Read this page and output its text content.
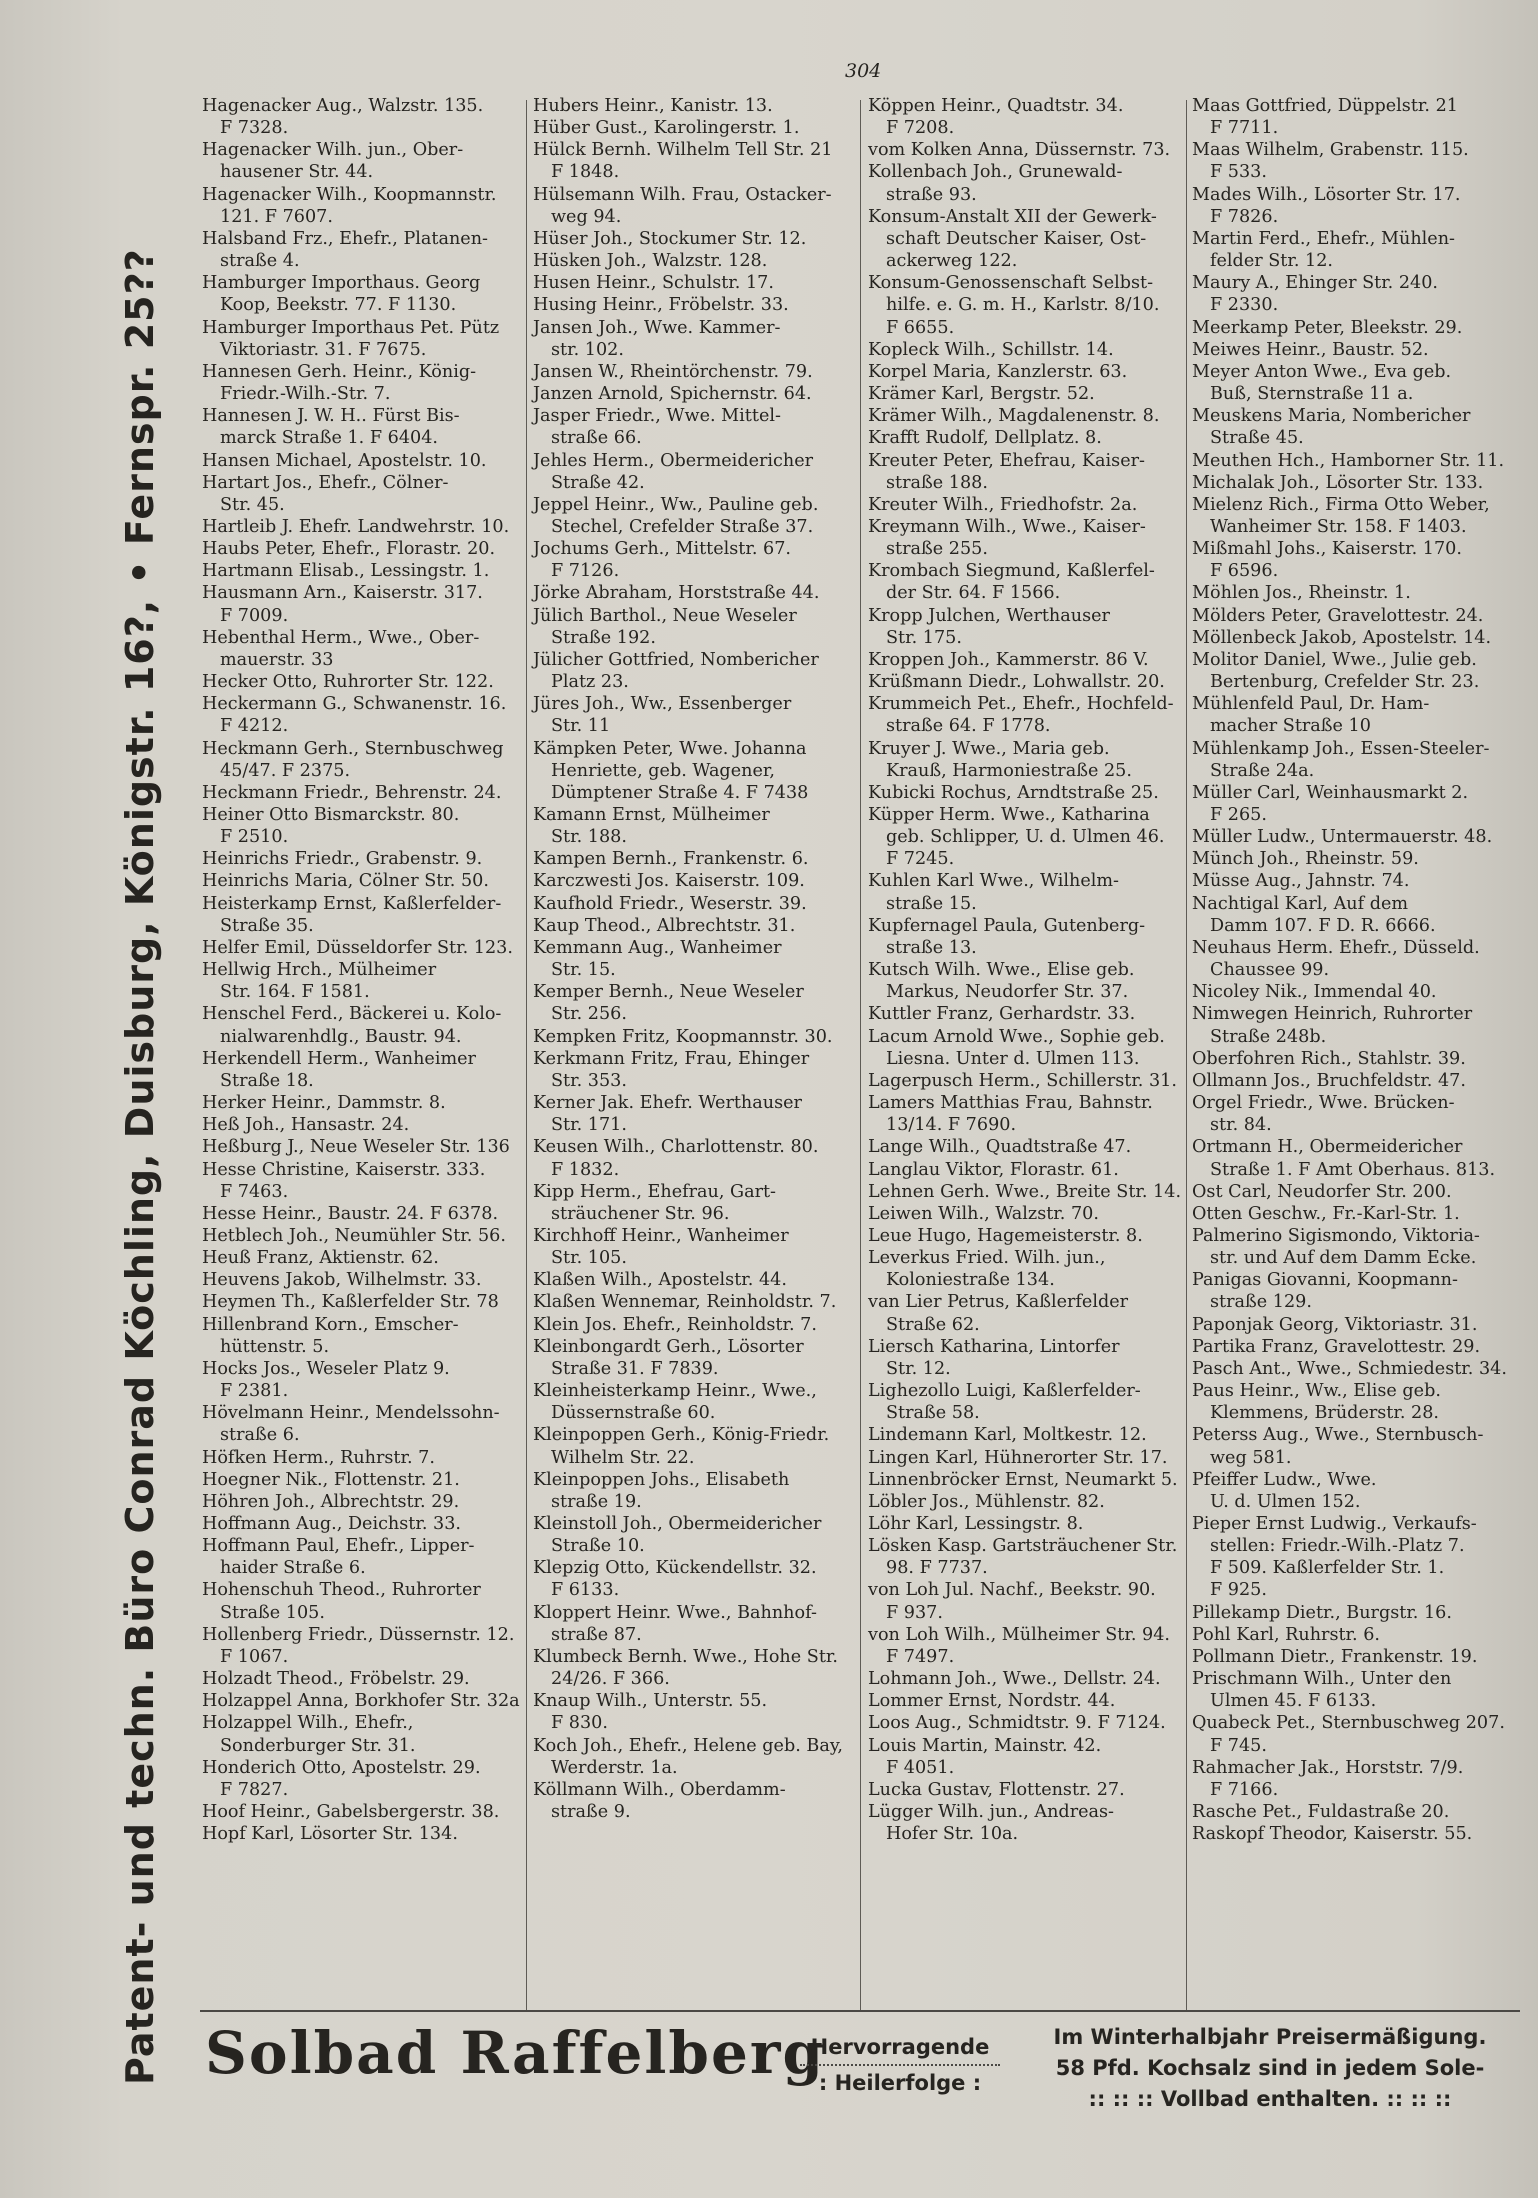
304
Patent- und techn. Büro Conrad Köchling, Duisburg, Königstr. 16?, • Fernspr. 25??

Hagenacker Aug., Walzstr. 135.

F 7328.

Hagenacker Wilh. jun., Ober-

hausener Str. 44.

Hagenacker Wilh., Koopmannstr.

121. F 7607.

Halsband Frz., Ehefr., Platanen-

straße 4.

Hamburger Importhaus. Georg

Koop, Beekstr. 77. F 1130.

Hamburger Importhaus Pet. Pütz

Viktoriastr. 31. F 7675.

Hannesen Gerh. Heinr., König-

Friedr.-Wilh.-Str. 7.

Hannesen J. W. H.. Fürst Bis-

marck Straße 1. F 6404.

Hansen Michael, Apostelstr. 10.

Hartart Jos., Ehefr., Cölner-

Str. 45.

Hartleib J. Ehefr. Landwehrstr. 10.

Haubs Peter, Ehefr., Florastr. 20.

Hartmann Elisab., Lessingstr. 1.

Hausmann Arn., Kaiserstr. 317.

F 7009.

Hebenthal Herm., Wwe., Ober-

mauerstr. 33

Hecker Otto, Ruhrorter Str. 122.

Heckermann G., Schwanenstr. 16.

F 4212.

Heckmann Gerh., Sternbuschweg

45/47. F 2375.

Heckmann Friedr., Behrenstr. 24.

Heiner Otto Bismarckstr. 80.

F 2510.

Heinrichs Friedr., Grabenstr. 9.

Heinrichs Maria, Cölner Str. 50.

Heisterkamp Ernst, Kaßlerfelder-

Straße 35.

Helfer Emil, Düsseldorfer Str. 123.

Hellwig Hrch., Mülheimer

Str. 164. F 1581.

Henschel Ferd., Bäckerei u. Kolo-

nialwarenhdlg., Baustr. 94.

Herkendell Herm., Wanheimer

Straße 18.

Herker Heinr., Dammstr. 8.

Heß Joh., Hansastr. 24.

Heßburg J., Neue Weseler Str. 136

Hesse Christine, Kaiserstr. 333.

F 7463.

Hesse Heinr., Baustr. 24. F 6378.

Hetblech Joh., Neumühler Str. 56.

Heuß Franz, Aktienstr. 62.

Heuvens Jakob, Wilhelmstr. 33.

Heymen Th., Kaßlerfelder Str. 78

Hillenbrand Korn., Emscher-

hüttenstr. 5.

Hocks Jos., Weseler Platz 9.

F 2381.

Hövelmann Heinr., Mendelssohn-

straße 6.

Höfken Herm., Ruhrstr. 7.

Hoegner Nik., Flottenstr. 21.

Höhren Joh., Albrechtstr. 29.

Hoffmann Aug., Deichstr. 33.

Hoffmann Paul, Ehefr., Lipper-

haider Straße 6.

Hohenschuh Theod., Ruhrorter

Straße 105.

Hollenberg Friedr., Düssernstr. 12.

F 1067.

Holzadt Theod., Fröbelstr. 29.

Holzappel Anna, Borkhofer Str. 32a

Holzappel Wilh., Ehefr.,

Sonderburger Str. 31.

Honderich Otto, Apostelstr. 29.

F 7827.

Hoof Heinr., Gabelsbergerstr. 38.

Hopf Karl, Lösorter Str. 134.

Hubers Heinr., Kanistr. 13.

Hüber Gust., Karolingerstr. 1.

Hülck Bernh. Wilhelm Tell Str. 21

F 1848.

Hülsemann Wilh. Frau, Ostacker-

weg 94.

Hüser Joh., Stockumer Str. 12.

Hüsken Joh., Walzstr. 128.

Husen Heinr., Schulstr. 17.

Husing Heinr., Fröbelstr. 33.

Jansen Joh., Wwe. Kammer-

str. 102.

Jansen W., Rheintörchenstr. 79.

Janzen Arnold, Spichernstr. 64.

Jasper Friedr., Wwe. Mittel-

straße 66.

Jehles Herm., Obermeidericher

Straße 42.

Jeppel Heinr., Ww., Pauline geb.

Stechel, Crefelder Straße 37.

Jochums Gerh., Mittelstr. 67.

F 7126.

Jörke Abraham, Horststraße 44.

Jülich Barthol., Neue Weseler

Straße 192.

Jülicher Gottfried, Nombericher

Platz 23.

Jüres Joh., Ww., Essenberger

Str. 11

Kämpken Peter, Wwe. Johanna

Henriette, geb. Wagener,

Dümptener Straße 4. F 7438

Kamann Ernst, Mülheimer

Str. 188.

Kampen Bernh., Frankenstr. 6.

Karczwesti Jos. Kaiserstr. 109.

Kaufhold Friedr., Weserstr. 39.

Kaup Theod., Albrechtstr. 31.

Kemmann Aug., Wanheimer

Str. 15.

Kemper Bernh., Neue Weseler

Str. 256.

Kempken Fritz, Koopmannstr. 30.

Kerkmann Fritz, Frau, Ehinger

Str. 353.

Kerner Jak. Ehefr. Werthauser

Str. 171.

Keusen Wilh., Charlottenstr. 80.

F 1832.

Kipp Herm., Ehefrau, Gart-

sträuchener Str. 96.

Kirchhoff Heinr., Wanheimer

Str. 105.

Klaßen Wilh., Apostelstr. 44.

Klaßen Wennemar, Reinholdstr. 7.

Klein Jos. Ehefr., Reinholdstr. 7.

Kleinbongardt Gerh., Lösorter

Straße 31. F 7839.

Kleinheisterkamp Heinr., Wwe.,

Düssernstraße 60.

Kleinpoppen Gerh., König-Friedr.

Wilhelm Str. 22.

Kleinpoppen Johs., Elisabeth

straße 19.

Kleinstoll Joh., Obermeidericher

Straße 10.

Klepzig Otto, Kückendellstr. 32.

F 6133.

Kloppert Heinr. Wwe., Bahnhof-

straße 87.

Klumbeck Bernh. Wwe., Hohe Str.

24/26. F 366.

Knaup Wilh., Unterstr. 55.

F 830.

Koch Joh., Ehefr., Helene geb. Bay,

Werderstr. 1a.

Köllmann Wilh., Oberdamm-

straße 9.

Köppen Heinr., Quadtstr. 34.

F 7208.

vom Kolken Anna, Düssernstr. 73.

Kollenbach Joh., Grunewald-

straße 93.

Konsum-Anstalt XII der Gewerk-

schaft Deutscher Kaiser, Ost-

ackerweg 122.

Konsum-Genossenschaft Selbst-

hilfe. e. G. m. H., Karlstr. 8/10.

F 6655.

Kopleck Wilh., Schillstr. 14.

Korpel Maria, Kanzlerstr. 63.

Krämer Karl, Bergstr. 52.

Krämer Wilh., Magdalenenstr. 8.

Krafft Rudolf, Dellplatz. 8.

Kreuter Peter, Ehefrau, Kaiser-

straße 188.

Kreuter Wilh., Friedhofstr. 2a.

Kreymann Wilh., Wwe., Kaiser-

straße 255.

Krombach Siegmund, Kaßlerfel-

der Str. 64. F 1566.

Kropp Julchen, Werthauser

Str. 175.

Kroppen Joh., Kammerstr. 86 V.

Krüßmann Diedr., Lohwallstr. 20.

Krummeich Pet., Ehefr., Hochfeld-

straße 64. F 1778.

Kruyer J. Wwe., Maria geb.

Krauß, Harmoniestraße 25.

Kubicki Rochus, Arndtstraße 25.

Küpper Herm. Wwe., Katharina

geb. Schlipper, U. d. Ulmen 46.

F 7245.

Kuhlen Karl Wwe., Wilhelm-

straße 15.

Kupfernagel Paula, Gutenberg-

straße 13.

Kutsch Wilh. Wwe., Elise geb.

Markus, Neudorfer Str. 37.

Kuttler Franz, Gerhardstr. 33.

Lacum Arnold Wwe., Sophie geb.

Liesna. Unter d. Ulmen 113.

Lagerpusch Herm., Schillerstr. 31.

Lamers Matthias Frau, Bahnstr.

13/14. F 7690.

Lange Wilh., Quadtstraße 47.

Langlau Viktor, Florastr. 61.

Lehnen Gerh. Wwe., Breite Str. 14.

Leiwen Wilh., Walzstr. 70.

Leue Hugo, Hagemeisterstr. 8.

Leverkus Fried. Wilh. jun.,

Koloniestraße 134.

van Lier Petrus, Kaßlerfelder

Straße 62.

Liersch Katharina, Lintorfer

Str. 12.

Lighezollo Luigi, Kaßlerfelder-

Straße 58.

Lindemann Karl, Moltkestr. 12.

Lingen Karl, Hühnerorter Str. 17.

Linnenbröcker Ernst, Neumarkt 5.

Löbler Jos., Mühlenstr. 82.

Löhr Karl, Lessingstr. 8.

Lösken Kasp. Gartsträuchener Str.

98. F 7737.

von Loh Jul. Nachf., Beekstr. 90.

F 937.

von Loh Wilh., Mülheimer Str. 94.

F 7497.

Lohmann Joh., Wwe., Dellstr. 24.

Lommer Ernst, Nordstr. 44.

Loos Aug., Schmidtstr. 9. F 7124.

Louis Martin, Mainstr. 42.

F 4051.

Lucka Gustav, Flottenstr. 27.

Lügger Wilh. jun., Andreas-

Hofer Str. 10a.

Maas Gottfried, Düppelstr. 21

F 7711.

Maas Wilhelm, Grabenstr. 115.

F 533.

Mades Wilh., Lösorter Str. 17.

F 7826.

Martin Ferd., Ehefr., Mühlen-

felder Str. 12.

Maury A., Ehinger Str. 240.

F 2330.

Meerkamp Peter, Bleekstr. 29.

Meiwes Heinr., Baustr. 52.

Meyer Anton Wwe., Eva geb.

Buß, Sternstraße 11 a.

Meuskens Maria, Nombericher

Straße 45.

Meuthen Hch., Hamborner Str. 11.

Michalak Joh., Lösorter Str. 133.

Mielenz Rich., Firma Otto Weber,

Wanheimer Str. 158. F 1403.

Mißmahl Johs., Kaiserstr. 170.

F 6596.

Möhlen Jos., Rheinstr. 1.

Mölders Peter, Gravelottestr. 24.

Möllenbeck Jakob, Apostelstr. 14.

Molitor Daniel, Wwe., Julie geb.

Bertenburg, Crefelder Str. 23.

Mühlenfeld Paul, Dr. Ham-

macher Straße 10

Mühlenkamp Joh., Essen-Steeler-

Straße 24a.

Müller Carl, Weinhausmarkt 2.

F 265.

Müller Ludw., Untermauerstr. 48.

Münch Joh., Rheinstr. 59.

Müsse Aug., Jahnstr. 74.

Nachtigal Karl, Auf dem

Damm 107. F D. R. 6666.

Neuhaus Herm. Ehefr., Düsseld.

Chaussee 99.

Nicoley Nik., Immendal 40.

Nimwegen Heinrich, Ruhrorter

Straße 248b.

Oberfohren Rich., Stahlstr. 39.

Ollmann Jos., Bruchfeldstr. 47.

Orgel Friedr., Wwe. Brücken-

str. 84.

Ortmann H., Obermeidericher

Straße 1. F Amt Oberhaus. 813.

Ost Carl, Neudorfer Str. 200.

Otten Geschw., Fr.-Karl-Str. 1.

Palmerino Sigismondo, Viktoria-

str. und Auf dem Damm Ecke.

Panigas Giovanni, Koopmann-

straße 129.

Paponjak Georg, Viktoriastr. 31.

Partika Franz, Gravelottestr. 29.

Pasch Ant., Wwe., Schmiedestr. 34.

Paus Heinr., Ww., Elise geb.

Klemmens, Brüderstr. 28.

Peterss Aug., Wwe., Sternbusch-

weg 581.

Pfeiffer Ludw., Wwe.

U. d. Ulmen 152.

Pieper Ernst Ludwig., Verkaufs-

stellen: Friedr.-Wilh.-Platz 7.

F 509. Kaßlerfelder Str. 1.

F 925.

Pillekamp Dietr., Burgstr. 16.

Pohl Karl, Ruhrstr. 6.

Pollmann Dietr., Frankenstr. 19.

Prischmann Wilh., Unter den

Ulmen 45. F 6133.

Quabeck Pet., Sternbuschweg 207.

F 745.

Rahmacher Jak., Horststr. 7/9.

F 7166.

Rasche Pet., Fuldastraße 20.

Raskopf Theodor, Kaiserstr. 55.

Solbad Raffelberg
Hervorragende
: Heilerfolge :

Im Winterhalbjahr Preisermäßigung.

58 Pfd. Kochsalz sind in jedem Sole-

:: :: :: Vollbad enthalten. :: :: ::
